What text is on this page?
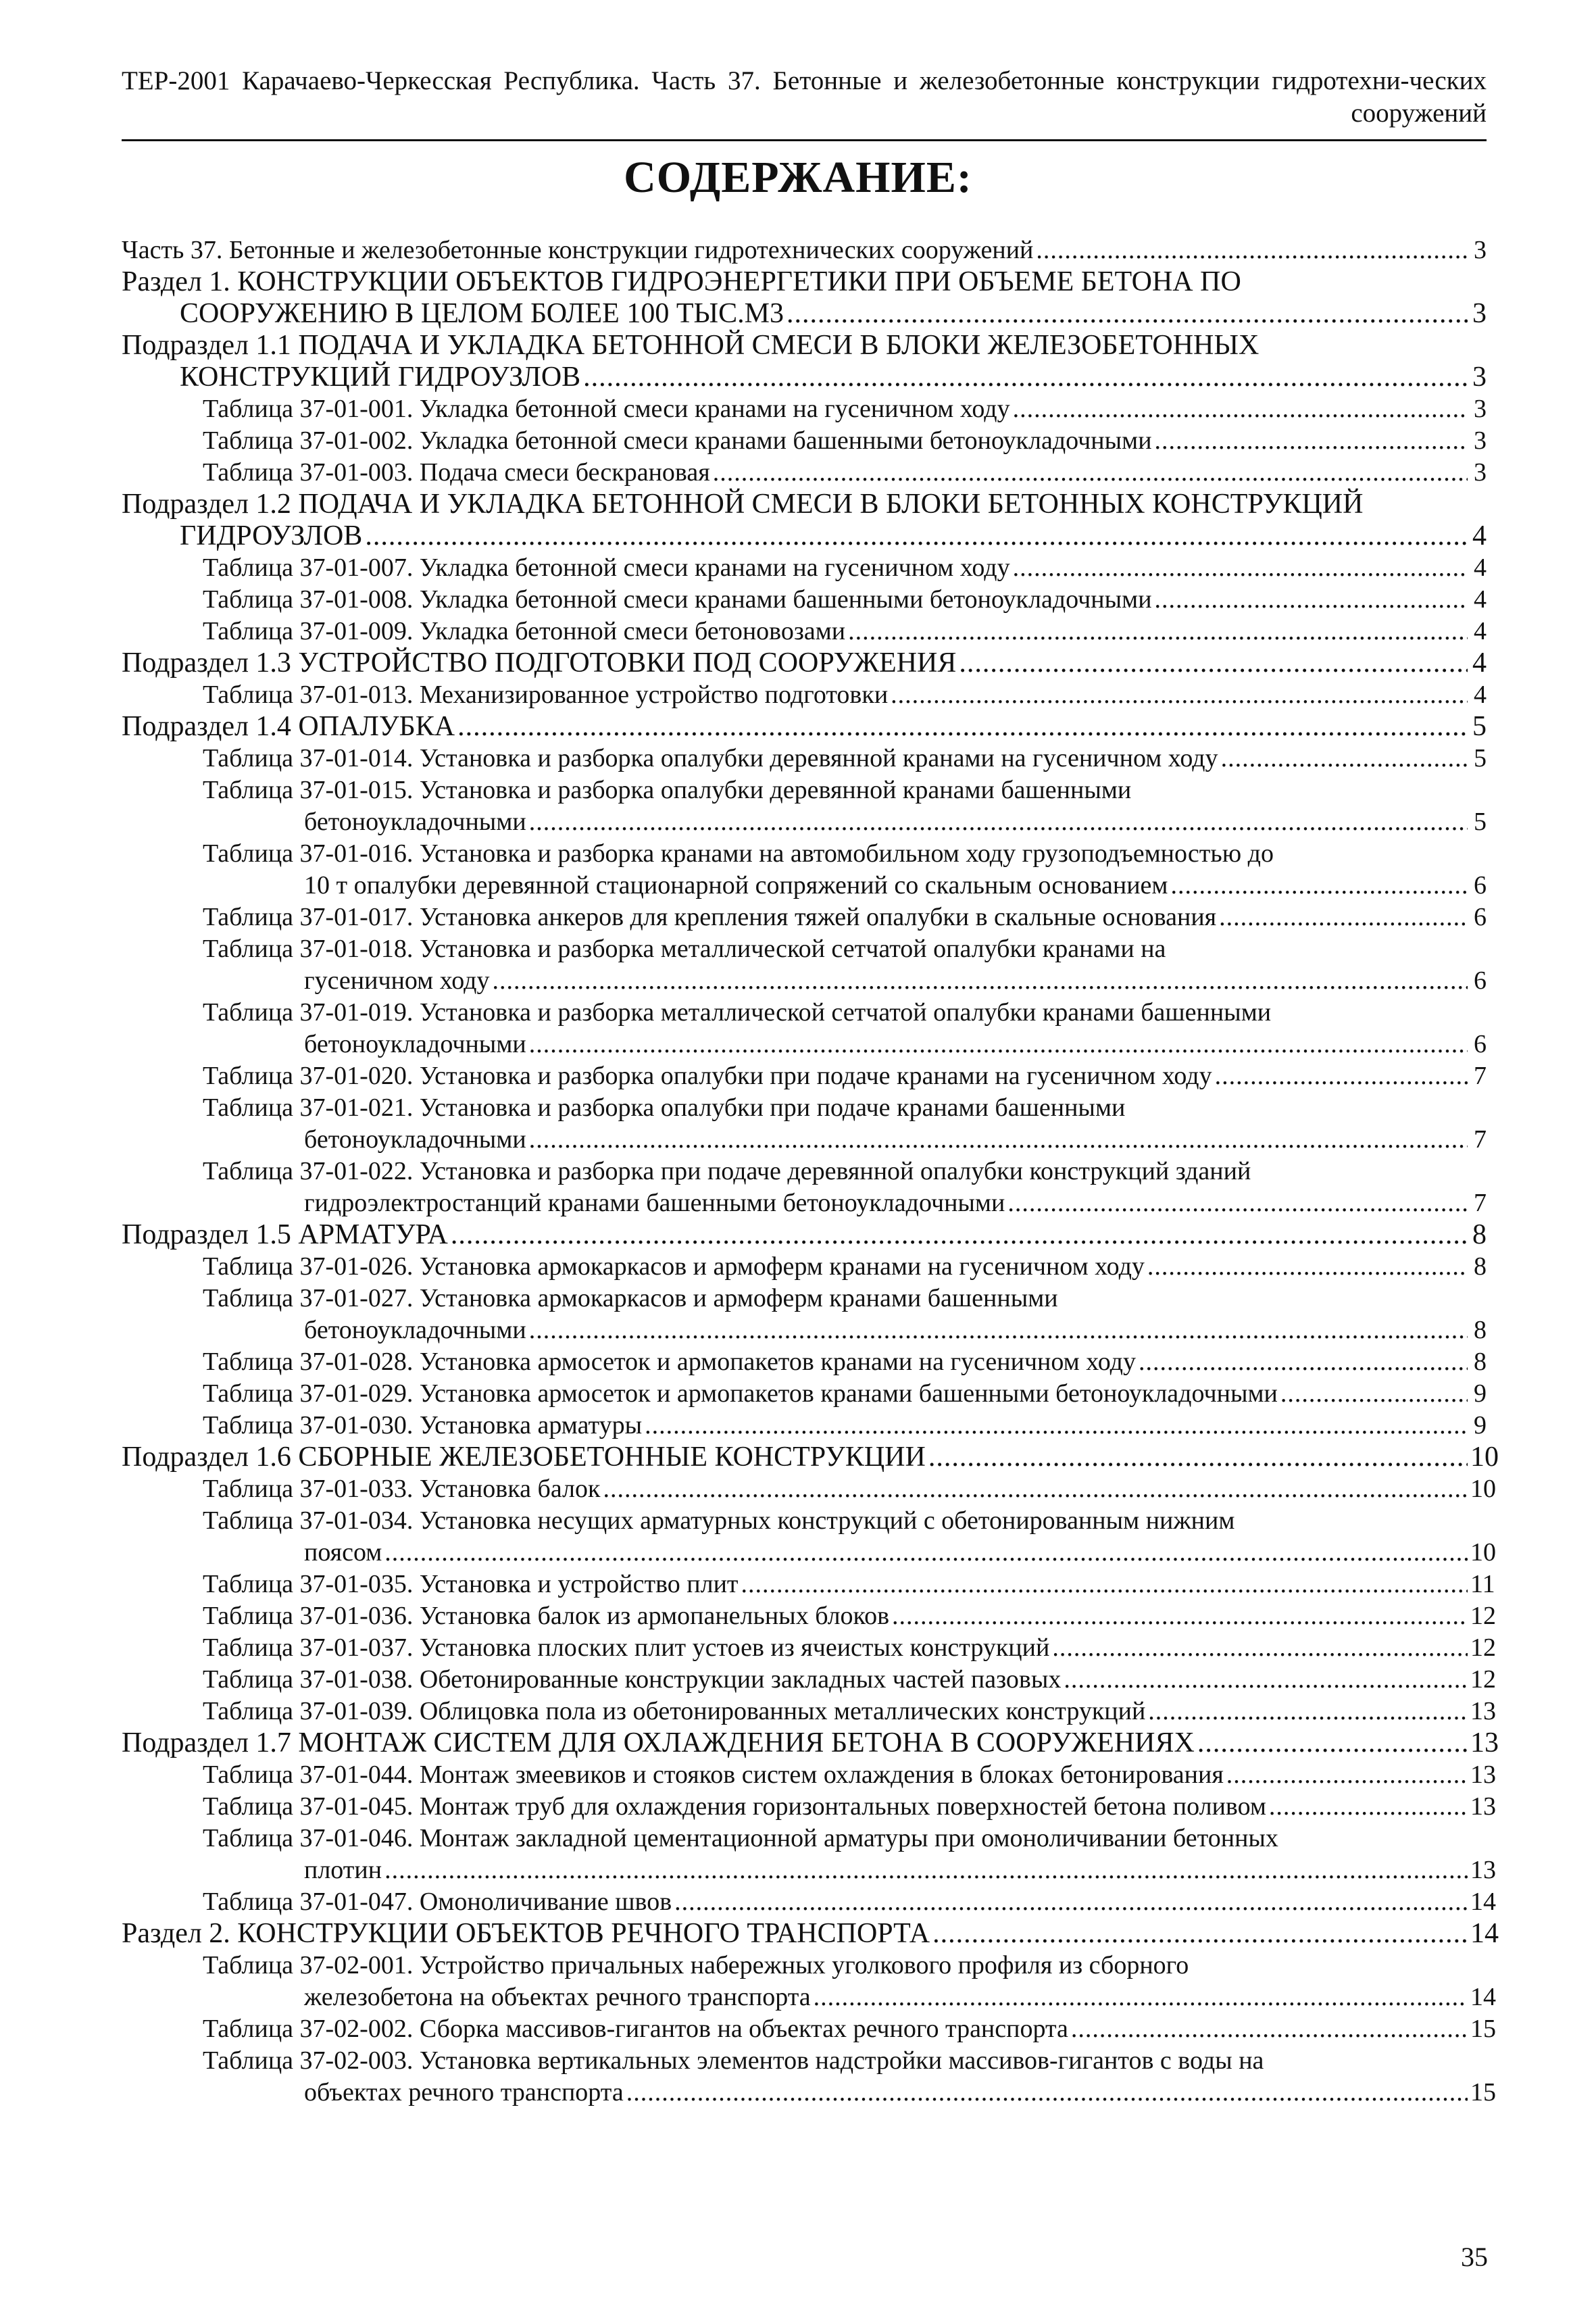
ТЕР-2001 Карачаево-Черкесская Республика. Часть 37. Бетонные и железобетонные конструкции гидротехни-ческих сооружений
СОДЕРЖАНИЕ:
Часть 37. Бетонные и железобетонные конструкции гидротехнических сооружений .....	3
Раздел 1. КОНСТРУКЦИИ ОБЪЕКТОВ ГИДРОЭНЕРГЕТИКИ ПРИ ОБЪЕМЕ БЕТОНА ПО
СООРУЖЕНИЮ В ЦЕЛОМ БОЛЕЕ 100 ТЫС.М3 .....	3
Подраздел 1.1 ПОДАЧА И УКЛАДКА БЕТОННОЙ СМЕСИ В БЛОКИ ЖЕЛЕЗОБЕТОННЫХ
КОНСТРУКЦИЙ ГИДРОУЗЛОВ .....	3
Таблица 37-01-001. Укладка бетонной смеси кранами на гусеничном ходу .....	3
Таблица 37-01-002. Укладка бетонной смеси кранами башенными бетоноукладочными .....	3
Таблица 37-01-003. Подача смеси бескрановая .....	3
Подраздел 1.2 ПОДАЧА И УКЛАДКА БЕТОННОЙ СМЕСИ В БЛОКИ БЕТОННЫХ КОНСТРУКЦИЙ
ГИДРОУЗЛОВ .....	4
Таблица 37-01-007. Укладка бетонной смеси кранами на гусеничном ходу .....	4
Таблица 37-01-008. Укладка бетонной смеси кранами башенными бетоноукладочными .....	4
Таблица 37-01-009. Укладка бетонной смеси бетоновозами .....	4
Подраздел 1.3 УСТРОЙСТВО ПОДГОТОВКИ ПОД СООРУЖЕНИЯ .....	4
Таблица 37-01-013. Механизированное устройство подготовки .....	4
Подраздел 1.4 ОПАЛУБКА .....	5
Таблица 37-01-014. Установка и разборка опалубки деревянной кранами на гусеничном ходу .....	5
Таблица 37-01-015. Установка и разборка опалубки деревянной кранами башенными
бетоноукладочными .....	5
Таблица 37-01-016. Установка и разборка кранами на автомобильном ходу грузоподъемностью до
10 т опалубки деревянной стационарной сопряжений со скальным основанием .....	6
Таблица 37-01-017. Установка анкеров для крепления тяжей опалубки в скальные основания .....	6
Таблица 37-01-018. Установка и разборка металлической сетчатой опалубки кранами на
гусеничном ходу .....	6
Таблица 37-01-019. Установка и разборка металлической сетчатой опалубки кранами башенными
бетоноукладочными .....	6
Таблица 37-01-020. Установка и разборка опалубки при подаче кранами на гусеничном ходу .....	7
Таблица 37-01-021. Установка и разборка опалубки при подаче кранами башенными
бетоноукладочными .....	7
Таблица 37-01-022. Установка и разборка при подаче деревянной опалубки конструкций зданий
гидроэлектростанций кранами башенными бетоноукладочными .....	7
Подраздел 1.5 АРМАТУРА .....	8
Таблица 37-01-026. Установка армокаркасов и армоферм кранами на гусеничном ходу .....	8
Таблица 37-01-027. Установка армокаркасов и армоферм кранами башенными
бетоноукладочными .....	8
Таблица 37-01-028. Установка армосеток и армопакетов кранами на гусеничном ходу .....	8
Таблица 37-01-029. Установка армосеток и армопакетов кранами башенными бетоноукладочными .....	9
Таблица 37-01-030. Установка арматуры .....	9
Подраздел 1.6 СБОРНЫЕ ЖЕЛЕЗОБЕТОННЫЕ КОНСТРУКЦИИ .....	10
Таблица 37-01-033. Установка балок .....	10
Таблица 37-01-034. Установка несущих арматурных конструкций с обетонированным нижним
поясом .....	10
Таблица 37-01-035. Установка и устройство плит .....	11
Таблица 37-01-036. Установка балок из армопанельных блоков .....	12
Таблица 37-01-037. Установка плоских плит устоев из ячеистых конструкций .....	12
Таблица 37-01-038. Обетонированные конструкции закладных частей пазовых .....	12
Таблица 37-01-039. Облицовка пола из обетонированных металлических конструкций .....	13
Подраздел 1.7 МОНТАЖ СИСТЕМ ДЛЯ ОХЛАЖДЕНИЯ БЕТОНА В СООРУЖЕНИЯХ .....	13
Таблица 37-01-044. Монтаж змеевиков и стояков систем охлаждения в блоках бетонирования .....	13
Таблица 37-01-045. Монтаж труб для охлаждения горизонтальных поверхностей бетона поливом .....	13
Таблица 37-01-046. Монтаж закладной цементационной арматуры при омоноличивании бетонных
плотин .....	13
Таблица 37-01-047. Омоноличивание швов .....	14
Раздел 2. КОНСТРУКЦИИ ОБЪЕКТОВ РЕЧНОГО ТРАНСПОРТА .....	14
Таблица 37-02-001. Устройство причальных набережных уголкового профиля из сборного
железобетона на объектах речного транспорта .....	14
Таблица 37-02-002. Сборка массивов-гигантов на объектах речного транспорта .....	15
Таблица 37-02-003. Установка вертикальных элементов надстройки массивов-гигантов с воды на
объектах речного транспорта .....	15
35
